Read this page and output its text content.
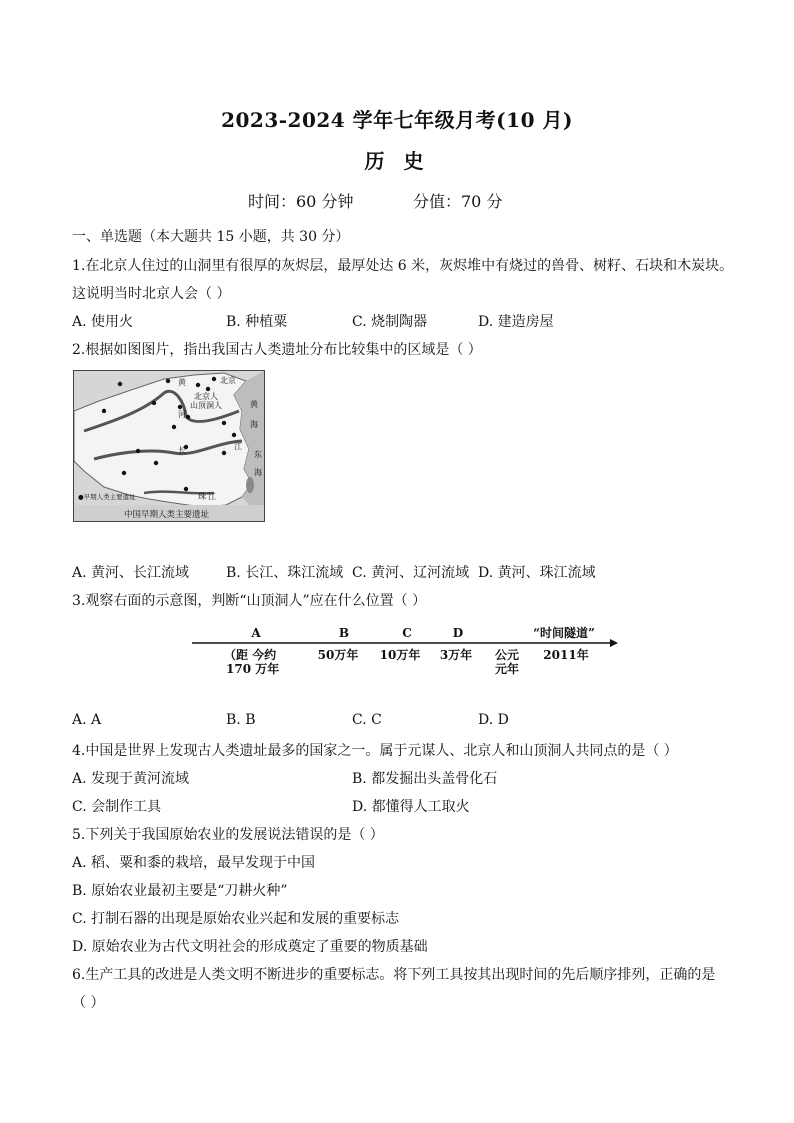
2023-2024 学年七年级月考(10 月)
历 史
时间：60 分钟	分值：70 分
一、单选题（本大题共 15 小题，共 30 分）
1.在北京人住过的山洞里有很厚的灰烬层，最厚处达 6 米，灰烬堆中有烧过的兽骨、树籽、石块和木炭块。
这说明当时北京人会（ ）
A. 使用火	B. 种植粟	C. 烧制陶器	D. 建造房屋
2.根据如图图片，指出我国古人类遗址分布比较集中的区域是（ ）
北京
北京人
山顶洞人
黄
河
长	江
珠 江
黄
海
东
海
●早期人类主要遗址
中国早期人类主要遗址
A. 黄河、长江流域	B. 长江、珠江流域 C. 黄河、辽河流域 D. 黄河、珠江流域
3.观察右面的示意图，判断“山顶洞人”应在什么位置（ ）
A	B	C	D	“时间隧道”
（距 今约
170 万年
50万年 10万年 3万年 公元
元年
2011年
A. A	B. B	C. C	D. D
4.中国是世界上发现古人类遗址最多的国家之一。属于元谋人、北京人和山顶洞人共同点的是（ ）
A. 发现于黄河流域	B. 都发掘出头盖骨化石
C. 会制作工具	D. 都懂得人工取火
5.下列关于我国原始农业的发展说法错误的是（ ）
A. 稻、粟和黍的栽培，最早发现于中国
B. 原始农业最初主要是“刀耕火种”
C. 打制石器的出现是原始农业兴起和发展的重要标志
D. 原始农业为古代文明社会的形成奠定了重要的物质基础
6.生产工具的改进是人类文明不断进步的重要标志。将下列工具按其出现时间的先后顺序排列，正确的是
（ ）
